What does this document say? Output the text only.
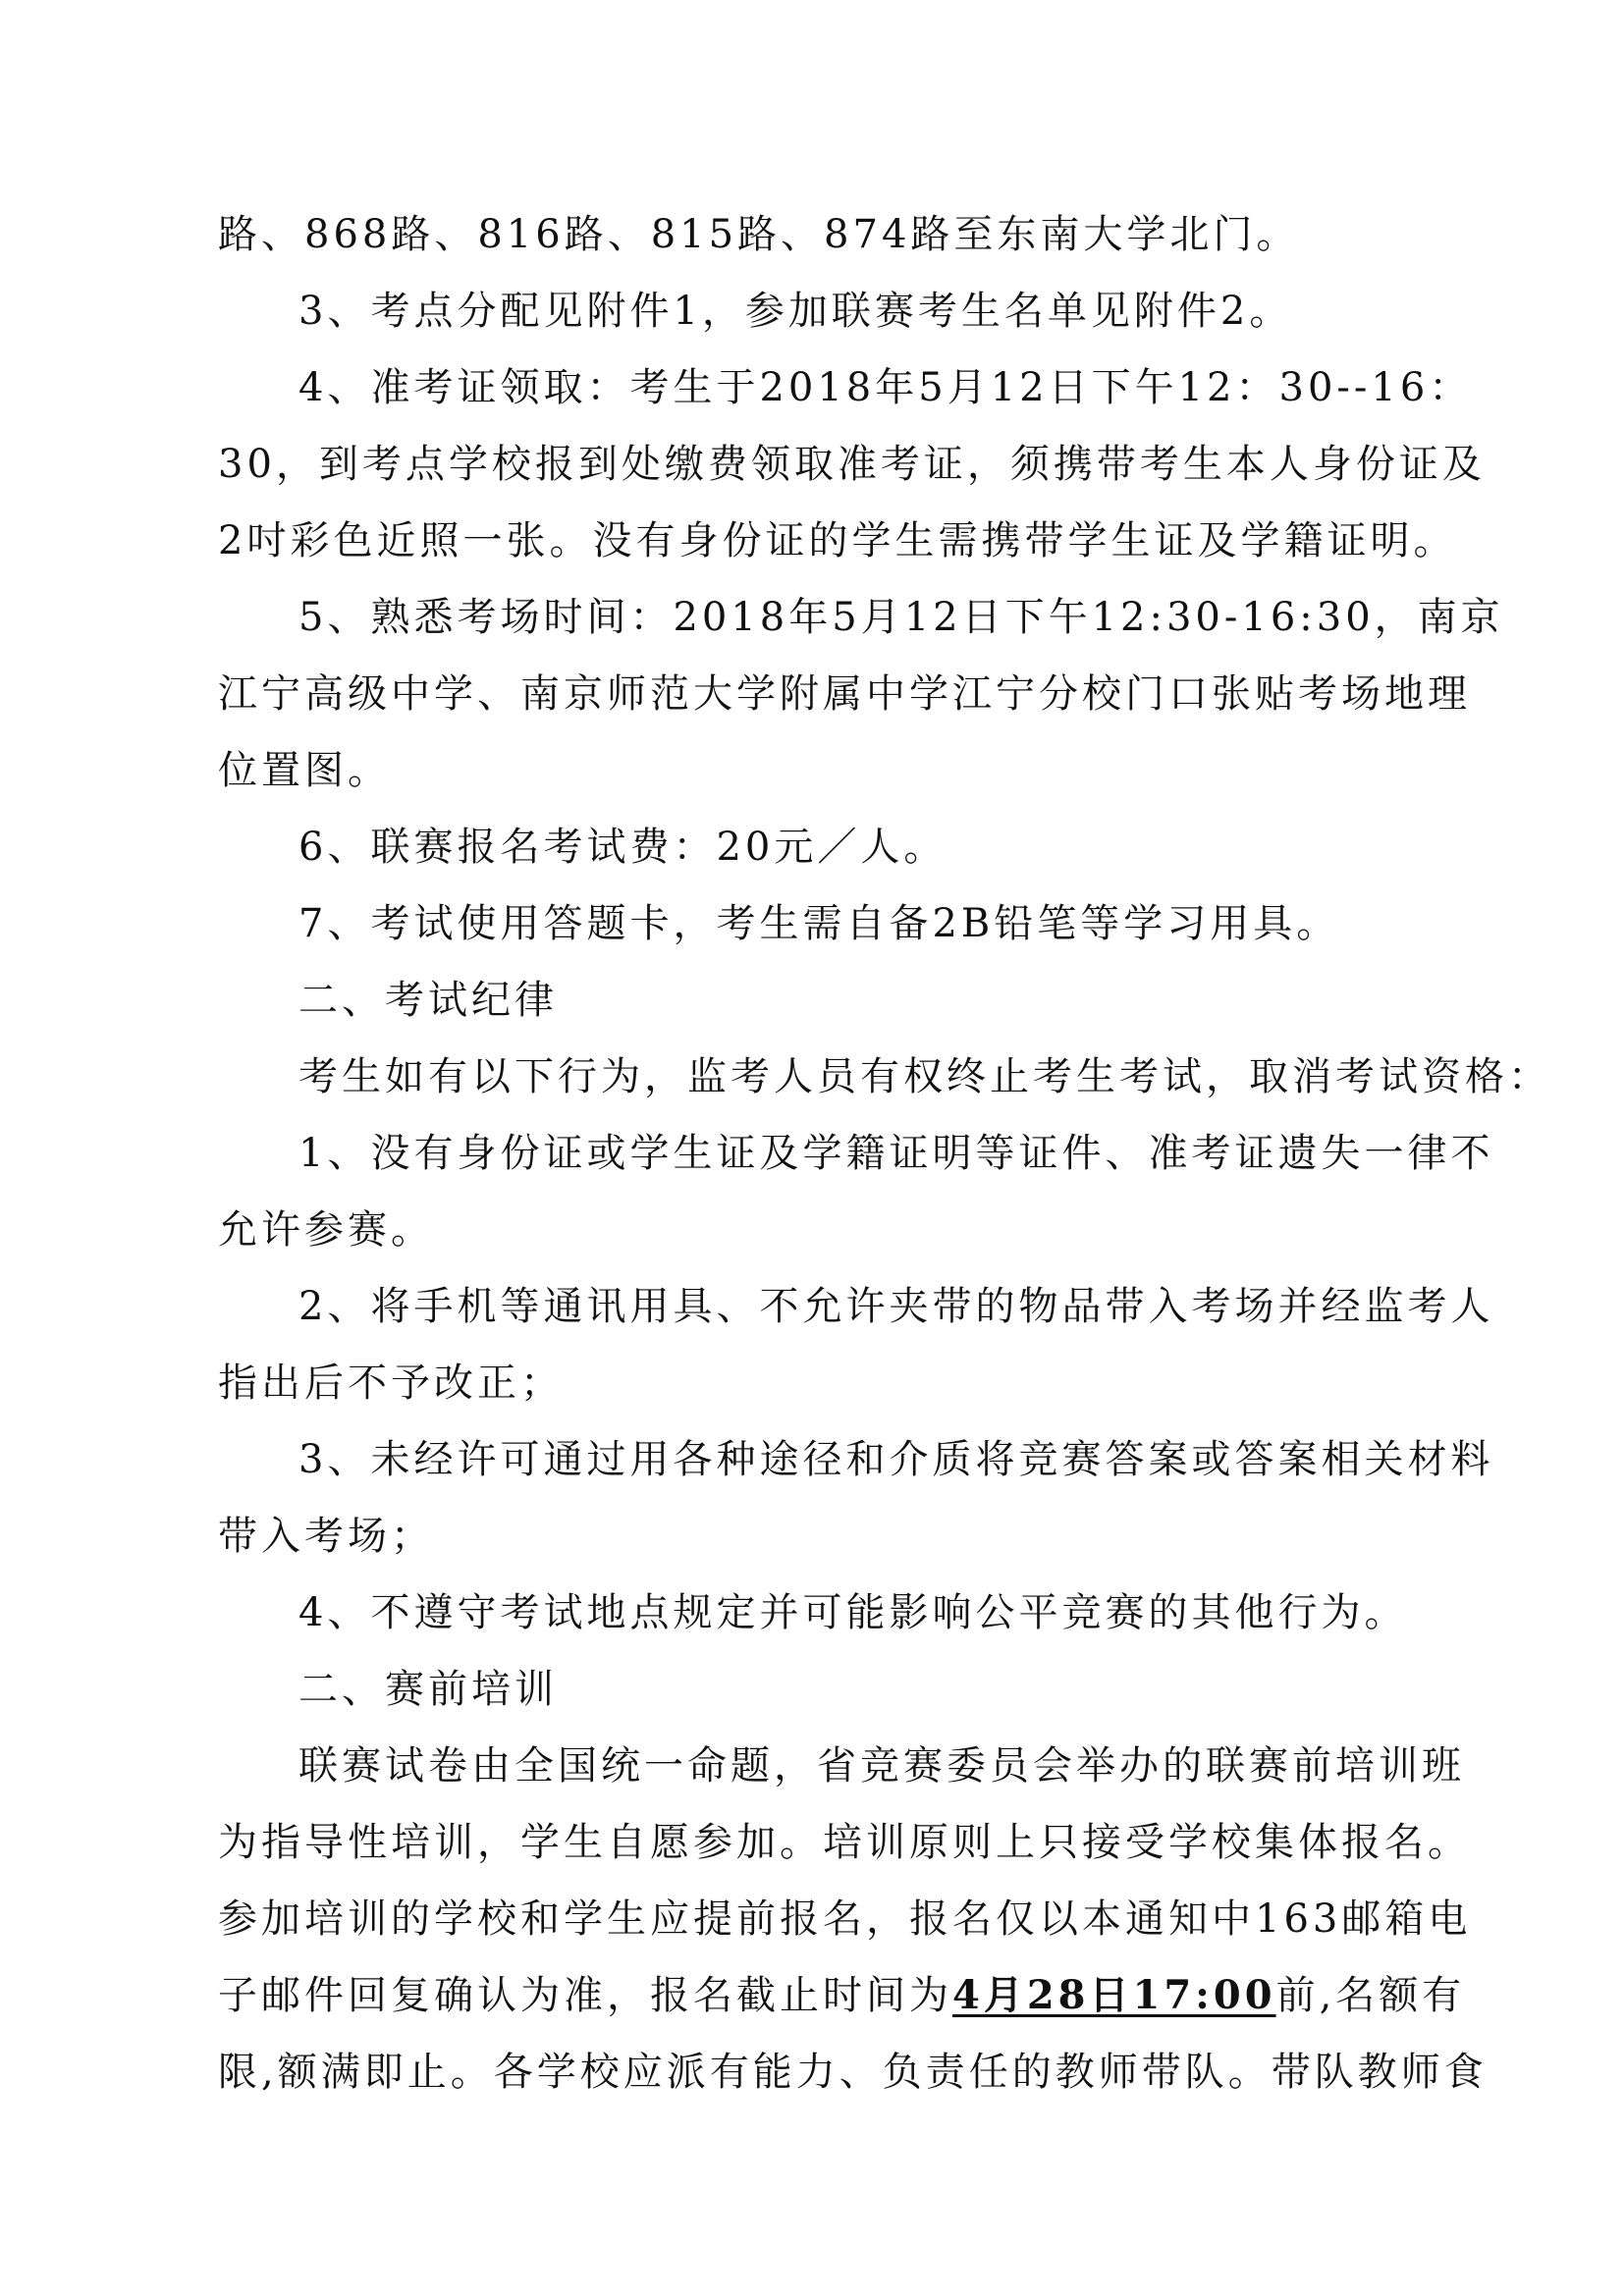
路、868路、816路、815路、874路至东南大学北门。
3、考点分配见附件1，参加联赛考生名单见附件2。
4、准考证领取：考生于2018年5月12日下午12：30--16：
30，到考点学校报到处缴费领取准考证，须携带考生本人身份证及
2吋彩色近照一张。没有身份证的学生需携带学生证及学籍证明。
5、熟悉考场时间：2018年5月12日下午12:30-16:30，南京
江宁高级中学、南京师范大学附属中学江宁分校门口张贴考场地理
位置图。
6、联赛报名考试费：20元／人。
7、考试使用答题卡，考生需自备2B铅笔等学习用具。
二、考试纪律
考生如有以下行为，监考人员有权终止考生考试，取消考试资格：
1、没有身份证或学生证及学籍证明等证件、准考证遗失一律不
允许参赛。
2、将手机等通讯用具、不允许夹带的物品带入考场并经监考人
指出后不予改正；
3、未经许可通过用各种途径和介质将竞赛答案或答案相关材料
带入考场；
4、不遵守考试地点规定并可能影响公平竞赛的其他行为。
二、赛前培训
联赛试卷由全国统一命题，省竞赛委员会举办的联赛前培训班
为指导性培训，学生自愿参加。培训原则上只接受学校集体报名。
参加培训的学校和学生应提前报名，报名仅以本通知中163邮箱电
子邮件回复确认为准，报名截止时间为4月28日17:00前,名额有
限,额满即止。各学校应派有能力、负责任的教师带队。带队教师食
